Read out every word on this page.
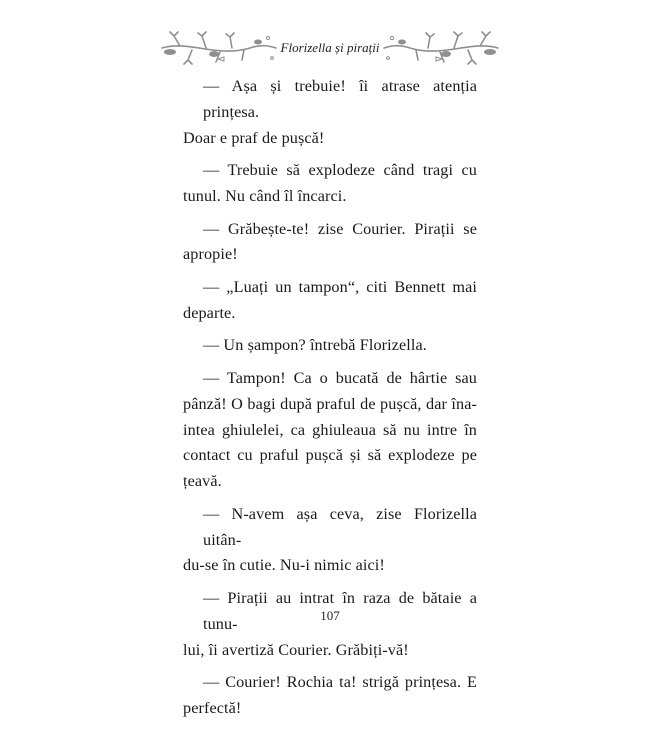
Florizella și pirații

— Așa și trebuie! îi atrase atenția prințesa.
Doar e praf de pușcă!

— Trebuie să explodeze când tragi cu
tunul. Nu când îl încarci.

— Grăbește-te! zise Courier. Pirații se
apropie!

— „Luați un tampon“, citi Bennett mai
departe.

— Un șampon? întrebă Florizella.

— Tampon! Ca o bucată de hârtie sau
pânză! O bagi după praful de pușcă, dar îna-
intea ghiulelei, ca ghiuleaua să nu intre în
contact cu praful pușcă și să explodeze pe
țeavă.

— N-avem așa ceva, zise Florizella uitân-
du-se în cutie. Nu-i nimic aici!

— Pirații au intrat în raza de bătaie a tunu-
lui, îi avertiză Courier. Grăbiți-vă!

— Courier! Rochia ta! strigă prințesa. E
perfectă!

107
